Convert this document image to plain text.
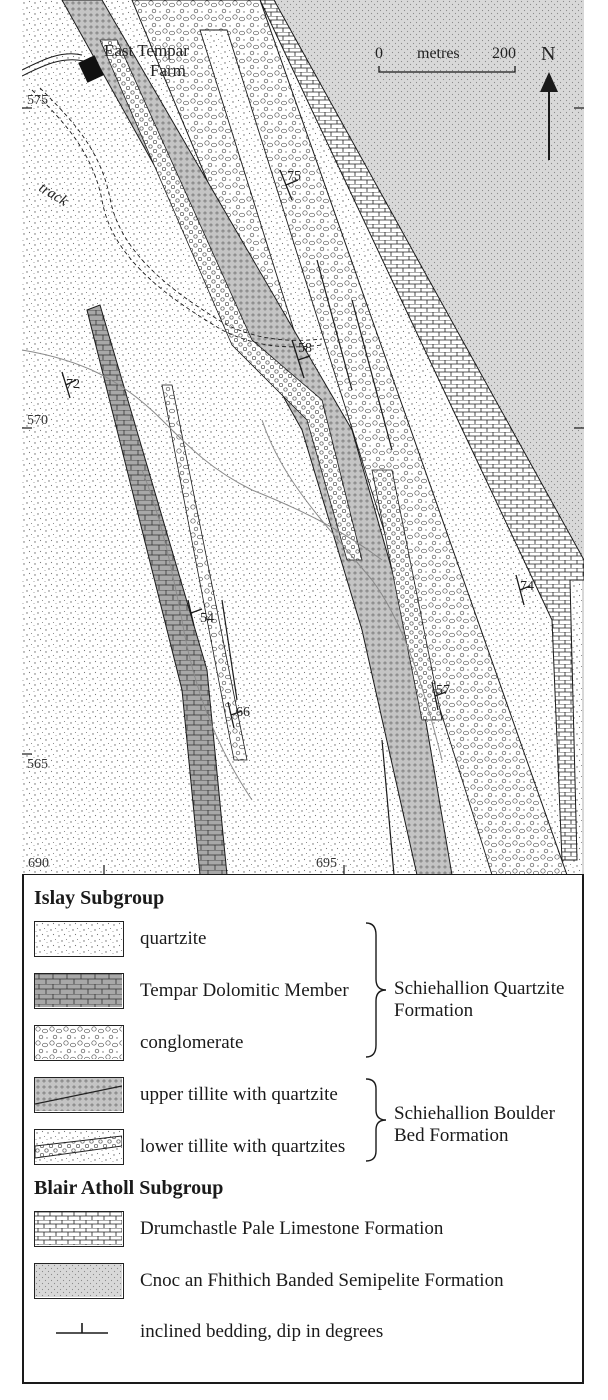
East Tempar
Farm
track
0 metres 200 N
575
570
565
690	695
75
58
72
74
54
66
57
Islay Subgroup
quartzite
Tempar Dolomitic Member
conglomerate
upper tillite with quartzite
lower tillite with quartzites
Schiehallion Quartzite
Formation
Schiehallion Boulder
Bed Formation
Blair Atholl Subgroup
Drumchastle Pale Limestone Formation
Cnoc an Fhithich Banded Semipelite Formation
inclined bedding, dip in degrees
